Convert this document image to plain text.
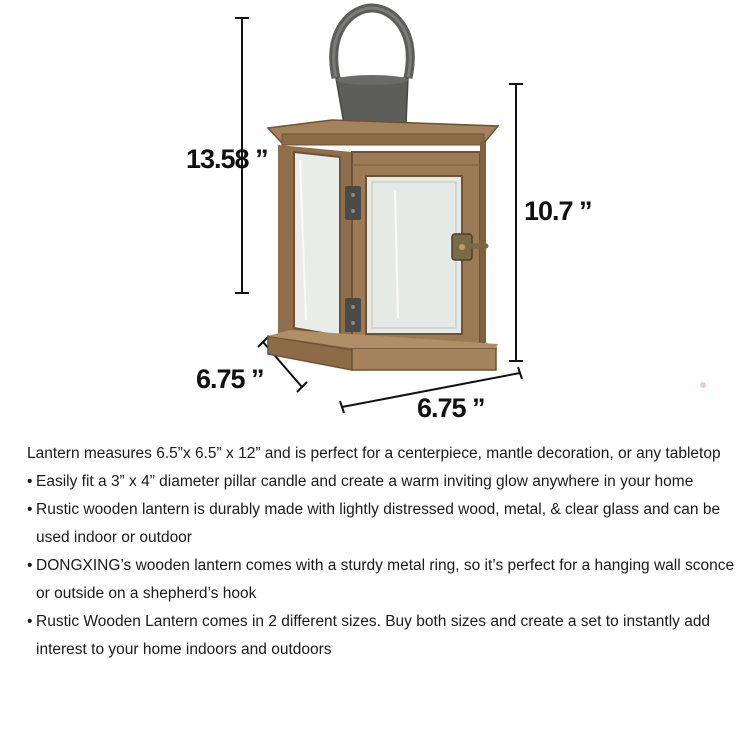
13.58 ”
10.7 ”
6.75 ”
6.75 ”
Lantern measures 6.5”x 6.5” x 12” and is perfect for a centerpiece, mantle decoration, or any tabletop
• Easily fit a 3” x 4” diameter pillar candle and create a warm inviting glow anywhere in your home
• Rustic wooden lantern is durably made with lightly distressed wood, metal, & clear glass and can be used indoor or outdoor
• DONGXING’s wooden lantern comes with a sturdy metal ring, so it’s perfect for a hanging wall sconce or outside on a shepherd’s hook
• Rustic Wooden Lantern comes in 2 different sizes. Buy both sizes and create a set to instantly add interest to your home indoors and outdoors
